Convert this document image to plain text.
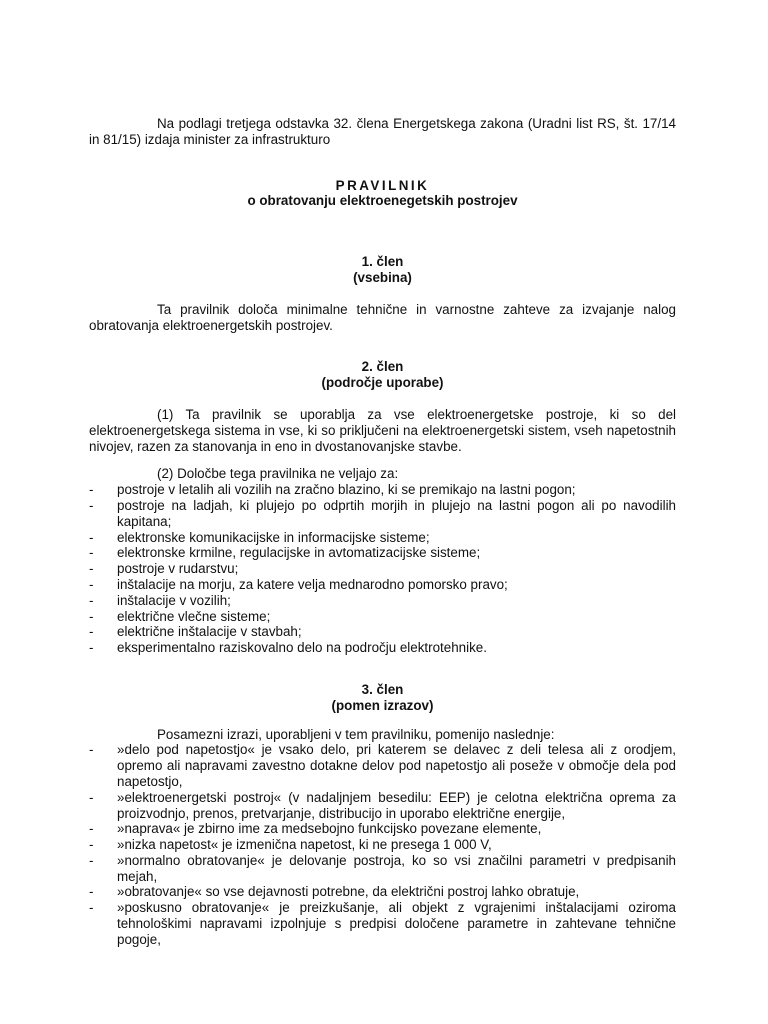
Na podlagi tretjega odstavka 32. člena Energetskega zakona (Uradni list RS, št. 17/14 in 81/15) izdaja minister za infrastrukturo
PRAVILNIK
o obratovanju elektroenegetskih postrojev
1. člen
(vsebina)
Ta pravilnik določa minimalne tehnične in varnostne zahteve za izvajanje nalog obratovanja elektroenergetskih postrojev.
2. člen
(področje uporabe)
(1) Ta pravilnik se uporablja za vse elektroenergetske postroje, ki so del elektroenergetskega sistema in vse, ki so priključeni na elektroenergetski sistem, vseh napetostnih nivojev, razen za stanovanja in eno in dvostanovanjske stavbe.
(2) Določbe tega pravilnika ne veljajo za:
- postroje v letalih ali vozilih na zračno blazino, ki se premikajo na lastni pogon;
- postroje na ladjah, ki plujejo po odprtih morjih in plujejo na lastni pogon ali po navodilih kapitana;
- elektronske komunikacijske in informacijske sisteme;
- elektronske krmilne, regulacijske in avtomatizacijske sisteme;
- postroje v rudarstvu;
- inštalacije na morju, za katere velja mednarodno pomorsko pravo;
- inštalacije v vozilih;
- električne vlečne sisteme;
- električne inštalacije v stavbah;
- eksperimentalno raziskovalno delo na področju elektrotehnike.
3. člen
(pomen izrazov)
Posamezni izrazi, uporabljeni v tem pravilniku, pomenijo naslednje:
- »delo pod napetostjo« je vsako delo, pri katerem se delavec z deli telesa ali z orodjem, opremo ali napravami zavestno dotakne delov pod napetostjo ali poseže v območje dela pod napetostjo,
- »elektroenergetski postroj« (v nadaljnjem besedilu: EEP) je celotna električna oprema za proizvodnjo, prenos, pretvarjanje, distribucijo in uporabo električne energije,
- »naprava« je zbirno ime za medsebojno funkcijsko povezane elemente,
- »nizka napetost« je izmenična napetost, ki ne presega 1 000 V,
- »normalno obratovanje« je delovanje postroja, ko so vsi značilni parametri v predpisanih mejah,
- »obratovanje« so vse dejavnosti potrebne, da električni postroj lahko obratuje,
- »poskusno obratovanje« je preizkušanje, ali objekt z vgrajenimi inštalacijami oziroma tehnološkimi napravami izpolnjuje s predpisi določene parametre in zahtevane tehnične pogoje,
